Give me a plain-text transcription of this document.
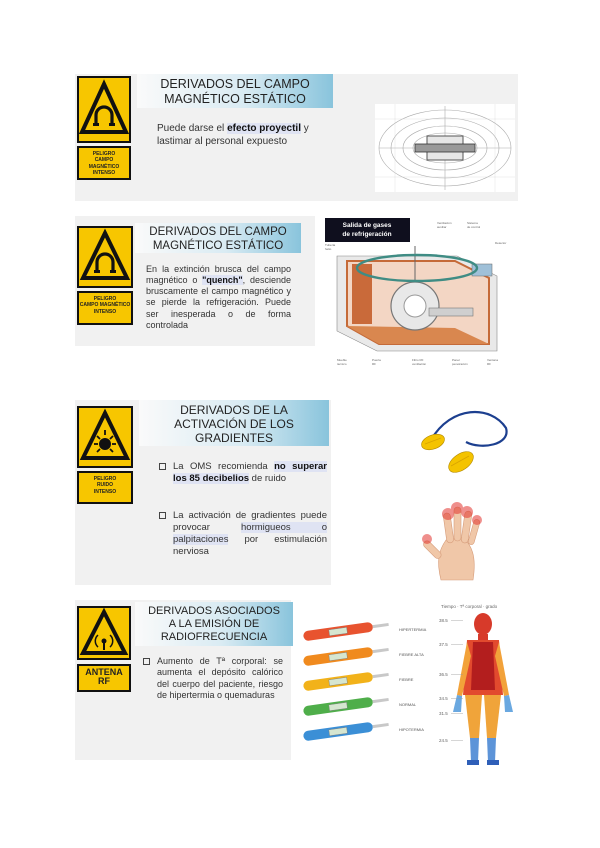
PELIGRO
CAMPO MAGNÉTICO
INTENSO
DERIVADOS DEL CAMPO
MAGNÉTICO ESTÁTICO
Puede darse el efecto proyectil y lastimar al personal expuesto
PELIGRO
CAMPO MAGNÉTICO
INTENSO
DERIVADOS DEL CAMPO
MAGNÉTICO ESTÁTICO
En la extinción brusca del campo magnético o "quench", desciende bruscamente el campo magnético y se pierde la refrigeración. Puede ser inesperada o de forma controlada
Salida de gases
de refrigeración
Ventilación
auxiliar
Sistema
de control
Detector
Tubería
helio
Mueble
técnico
Puerta
RF
Filtro RF
ventilación
Panel
penetración
Ventana
RF
PELIGRO
RUIDO
INTENSO
DERIVADOS DE LA
ACTIVACIÓN DE LOS
GRADIENTES
La OMS recomienda no superar los 85 decibelios de ruido
La activación de gradientes puede provocar hormigueos o palpitaciones por estimulación nerviosa
ANTENA
RF
DERIVADOS ASOCIADOS
A LA EMISIÓN DE
RADIOFRECUENCIA
Aumento de Tª corporal: se aumenta el depósito calórico del cuerpo del paciente, riesgo de hipertermia o quemaduras
HIPERTERMIA
FIEBRE ALTA
FIEBRE
NORMAL
HIPOTERMIA
Tiempo · Tª corporal · grado
38.5
37.5
36.5
34.5
31.5
24.5
